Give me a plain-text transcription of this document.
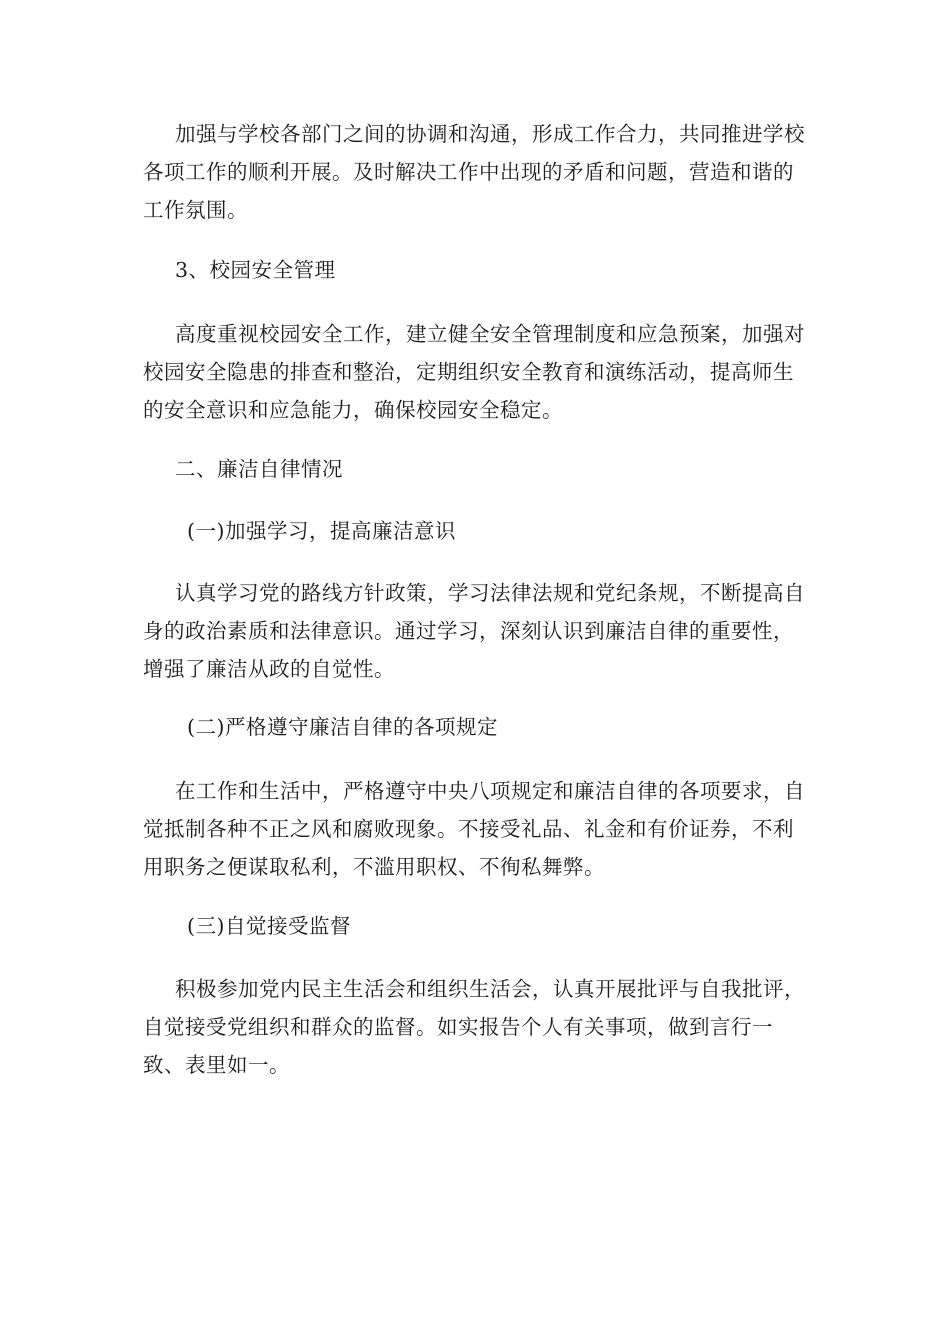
加强与学校各部门之间的协调和沟通，形成工作合力，共同推进学校各项工作的顺利开展。及时解决工作中出现的矛盾和问题，营造和谐的工作氛围。

3、校园安全管理

高度重视校园安全工作，建立健全安全管理制度和应急预案，加强对校园安全隐患的排查和整治，定期组织安全教育和演练活动，提高师生的安全意识和应急能力，确保校园安全稳定。

二、廉洁自律情况

(一)加强学习，提高廉洁意识

认真学习党的路线方针政策，学习法律法规和党纪条规，不断提高自身的政治素质和法律意识。通过学习，深刻认识到廉洁自律的重要性，增强了廉洁从政的自觉性。

(二)严格遵守廉洁自律的各项规定

在工作和生活中，严格遵守中央八项规定和廉洁自律的各项要求，自觉抵制各种不正之风和腐败现象。不接受礼品、礼金和有价证券，不利用职务之便谋取私利，不滥用职权、不徇私舞弊。

(三)自觉接受监督

积极参加党内民主生活会和组织生活会，认真开展批评与自我批评，自觉接受党组织和群众的监督。如实报告个人有关事项，做到言行一致、表里如一。
